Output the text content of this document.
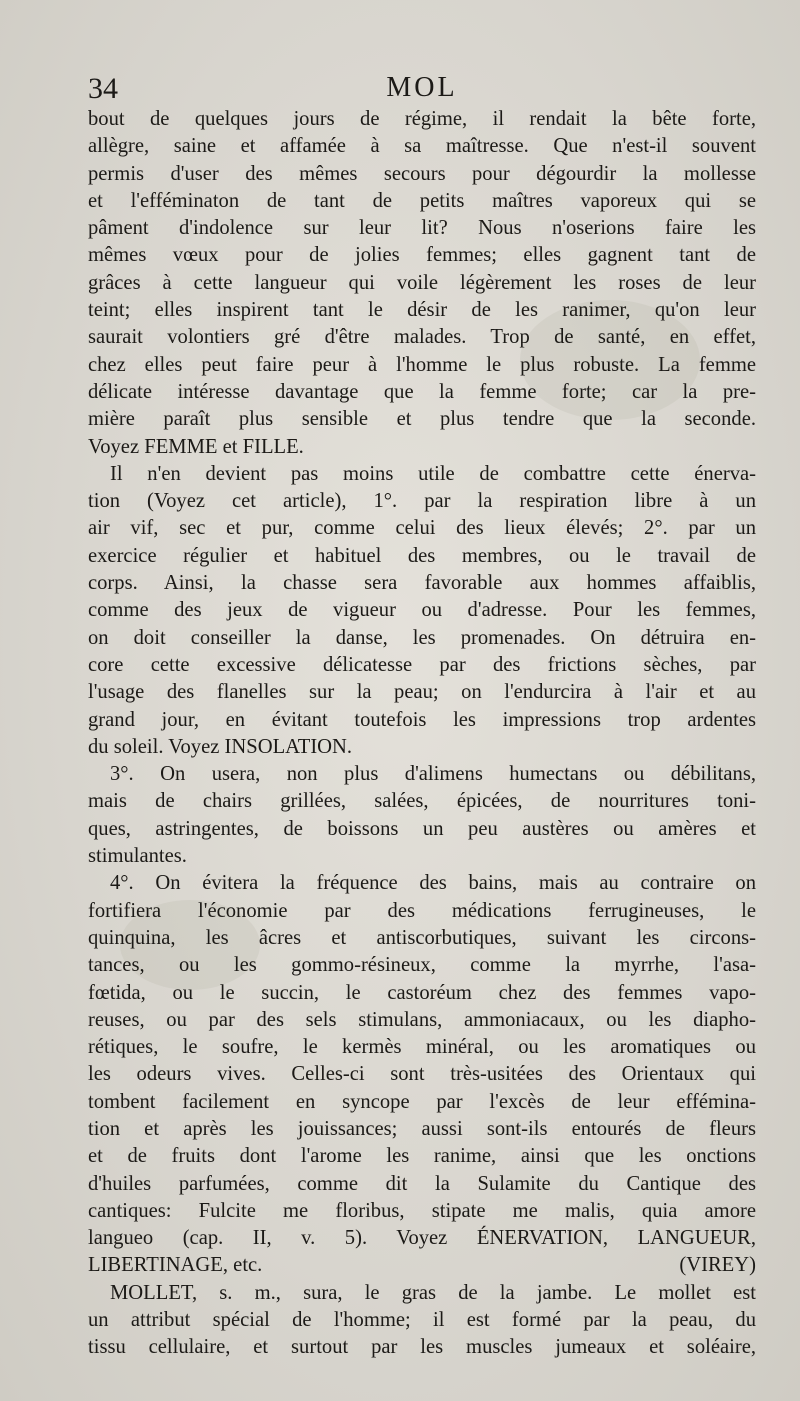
34	MOL
bout de quelques jours de régime, il rendait la bête forte,
allègre, saine et affamée à sa maîtresse. Que n'est-il souvent
permis d'user des mêmes secours pour dégourdir la mollesse
et l'efféminaton de tant de petits maîtres vaporeux qui se
pâment d'indolence sur leur lit? Nous n'oserions faire les
mêmes vœux pour de jolies femmes; elles gagnent tant de
grâces à cette langueur qui voile légèrement les roses de leur
teint; elles inspirent tant le désir de les ranimer, qu'on leur
saurait volontiers gré d'être malades. Trop de santé, en effet,
chez elles peut faire peur à l'homme le plus robuste. La femme
délicate intéresse davantage que la femme forte; car la pre-
mière paraît plus sensible et plus tendre que la seconde.
Voyez FEMME et FILLE.
Il n'en devient pas moins utile de combattre cette énerva-
tion (Voyez cet article), 1°. par la respiration libre à un
air vif, sec et pur, comme celui des lieux élevés; 2°. par un
exercice régulier et habituel des membres, ou le travail de
corps. Ainsi, la chasse sera favorable aux hommes affaiblis,
comme des jeux de vigueur ou d'adresse. Pour les femmes,
on doit conseiller la danse, les promenades. On détruira en-
core cette excessive délicatesse par des frictions sèches, par
l'usage des flanelles sur la peau; on l'endurcira à l'air et au
grand jour, en évitant toutefois les impressions trop ardentes
du soleil. Voyez INSOLATION.
3°. On usera, non plus d'alimens humectans ou débilitans,
mais de chairs grillées, salées, épicées, de nourritures toni-
ques, astringentes, de boissons un peu austères ou amères et
stimulantes.
4°. On évitera la fréquence des bains, mais au contraire on
fortifiera l'économie par des médications ferrugineuses, le
quinquina, les âcres et antiscorbutiques, suivant les circons-
tances, ou les gommo-résineux, comme la myrrhe, l'asa-
fœtida, ou le succin, le castoréum chez des femmes vapo-
reuses, ou par des sels stimulans, ammoniacaux, ou les diapho-
rétiques, le soufre, le kermès minéral, ou les aromatiques ou
les odeurs vives. Celles-ci sont très-usitées des Orientaux qui
tombent facilement en syncope par l'excès de leur effémina-
tion et après les jouissances; aussi sont-ils entourés de fleurs
et de fruits dont l'arome les ranime, ainsi que les onctions
d'huiles parfumées, comme dit la Sulamite du Cantique des
cantiques: Fulcite me floribus, stipate me malis, quia amore
langueo (cap. II, v. 5). Voyez ÉNERVATION, LANGUEUR,
LIBERTINAGE, etc.	(VIREY)
MOLLET, s. m., sura, le gras de la jambe. Le mollet est
un attribut spécial de l'homme; il est formé par la peau, du
tissu cellulaire, et surtout par les muscles jumeaux et soléaire,
